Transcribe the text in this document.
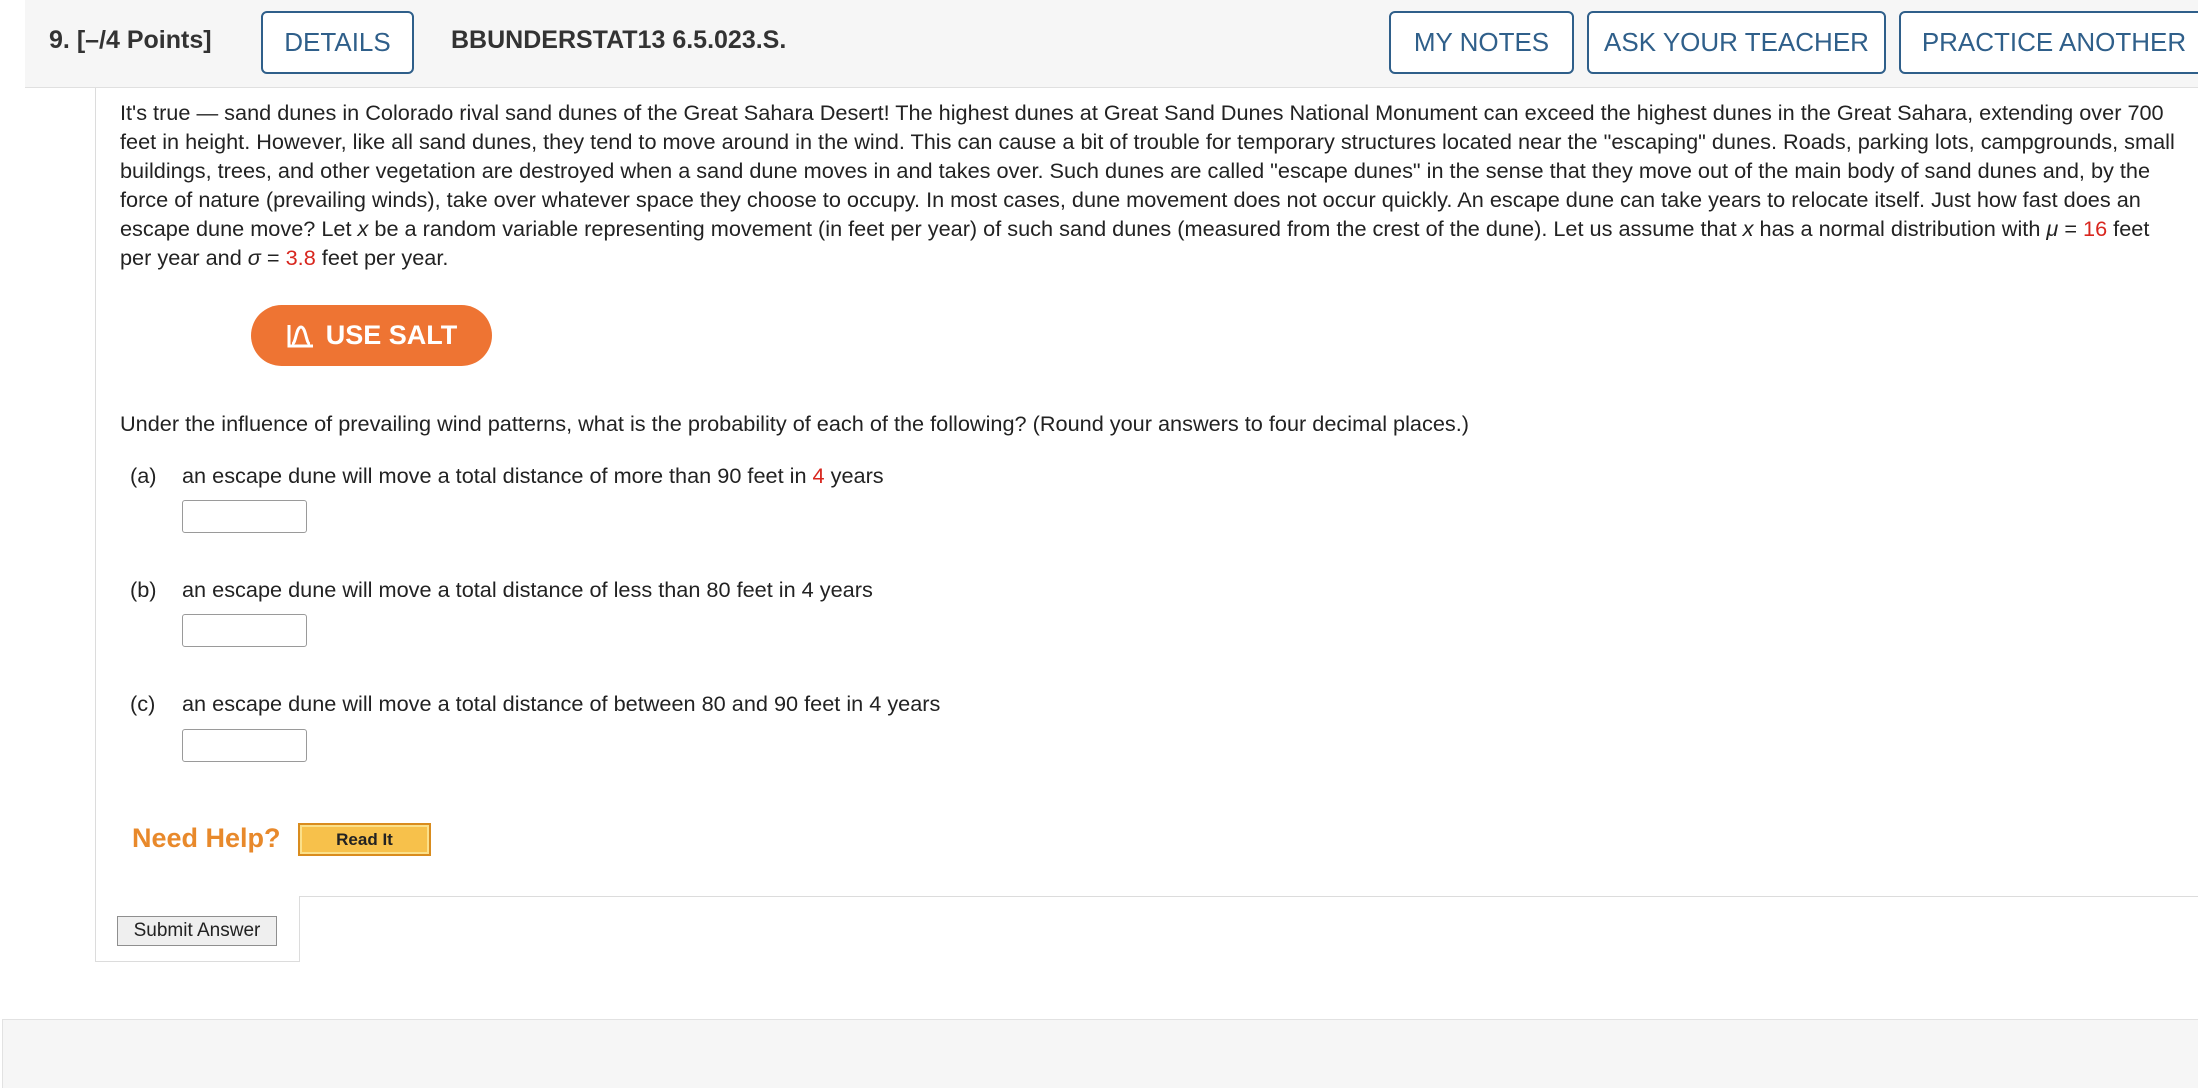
9. [–/4 Points]	DETAILS	BBUNDERSTAT13 6.5.023.S.	MY NOTES	ASK YOUR TEACHER	PRACTICE ANOTHER
It's true — sand dunes in Colorado rival sand dunes of the Great Sahara Desert! The highest dunes at Great Sand Dunes National Monument can exceed the highest dunes in the Great Sahara, extending over 700 feet in height. However, like all sand dunes, they tend to move around in the wind. This can cause a bit of trouble for temporary structures located near the "escaping" dunes. Roads, parking lots, campgrounds, small buildings, trees, and other vegetation are destroyed when a sand dune moves in and takes over. Such dunes are called "escape dunes" in the sense that they move out of the main body of sand dunes and, by the force of nature (prevailing winds), take over whatever space they choose to occupy. In most cases, dune movement does not occur quickly. An escape dune can take years to relocate itself. Just how fast does an escape dune move? Let x be a random variable representing movement (in feet per year) of such sand dunes (measured from the crest of the dune). Let us assume that x has a normal distribution with μ = 16 feet per year and σ = 3.8 feet per year.
USE SALT
Under the influence of prevailing wind patterns, what is the probability of each of the following? (Round your answers to four decimal places.)
(a) an escape dune will move a total distance of more than 90 feet in 4 years
(b) an escape dune will move a total distance of less than 80 feet in 4 years
(c) an escape dune will move a total distance of between 80 and 90 feet in 4 years
Need Help?	Read It
Submit Answer
